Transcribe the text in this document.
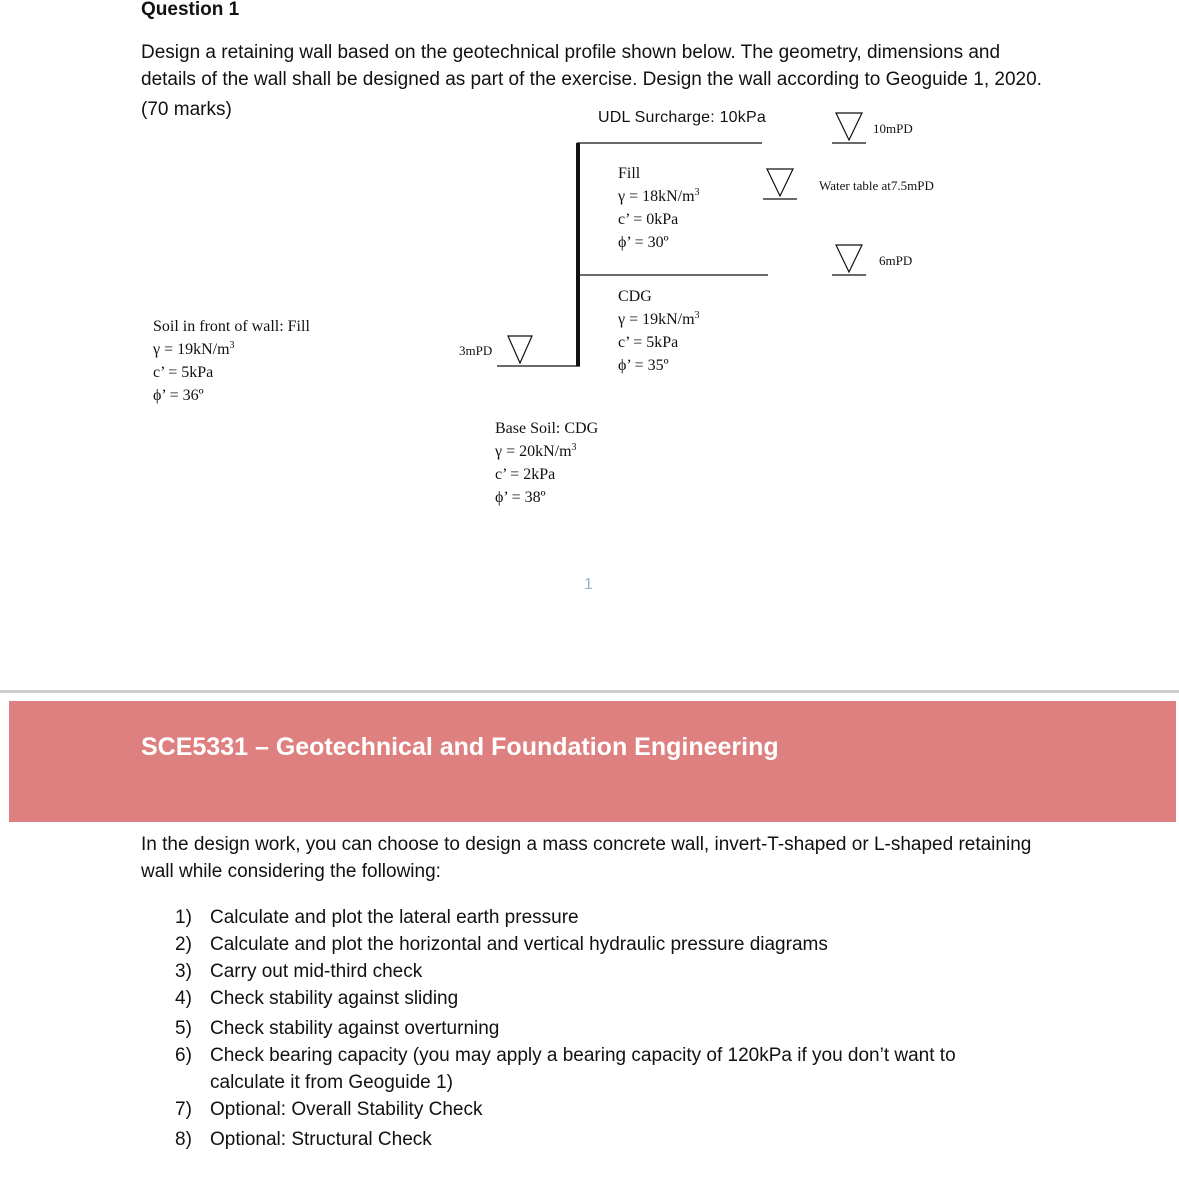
Question 1
Design a retaining wall based on the geotechnical profile shown below. The geometry, dimensions and details of the wall shall be designed as part of the exercise. Design the wall according to Geoguide 1, 2020.
(70 marks)	UDL Surcharge: 10kPa
10mPD
Water table at7.5mPD
6mPD
3mPD
Fill
$\gamma = 18kN/m^3$
c’ = 0kPa
ϕ’ = 30º
CDG
$\gamma = 19kN/m^3$
c’ = 5kPa
ϕ’ = 35º
Soil in front of wall: Fill
$\gamma = 19kN/m^3$
c’ = 5kPa
ϕ’ = 36º
Base Soil: CDG
$\gamma = 20kN/m^3$
c’ = 2kPa
ϕ’ = 38º
1
SCE5331 – Geotechnical and Foundation Engineering
In the design work, you can choose to design a mass concrete wall, invert-T-shaped or L-shaped retaining wall while considering the following:
1) Calculate and plot the lateral earth pressure
2) Calculate and plot the horizontal and vertical hydraulic pressure diagrams
3) Carry out mid-third check
4) Check stability against sliding
5) Check stability against overturning
6) Check bearing capacity (you may apply a bearing capacity of 120kPa if you don’t want to calculate it from Geoguide 1)
7) Optional: Overall Stability Check
8) Optional: Structural Check
